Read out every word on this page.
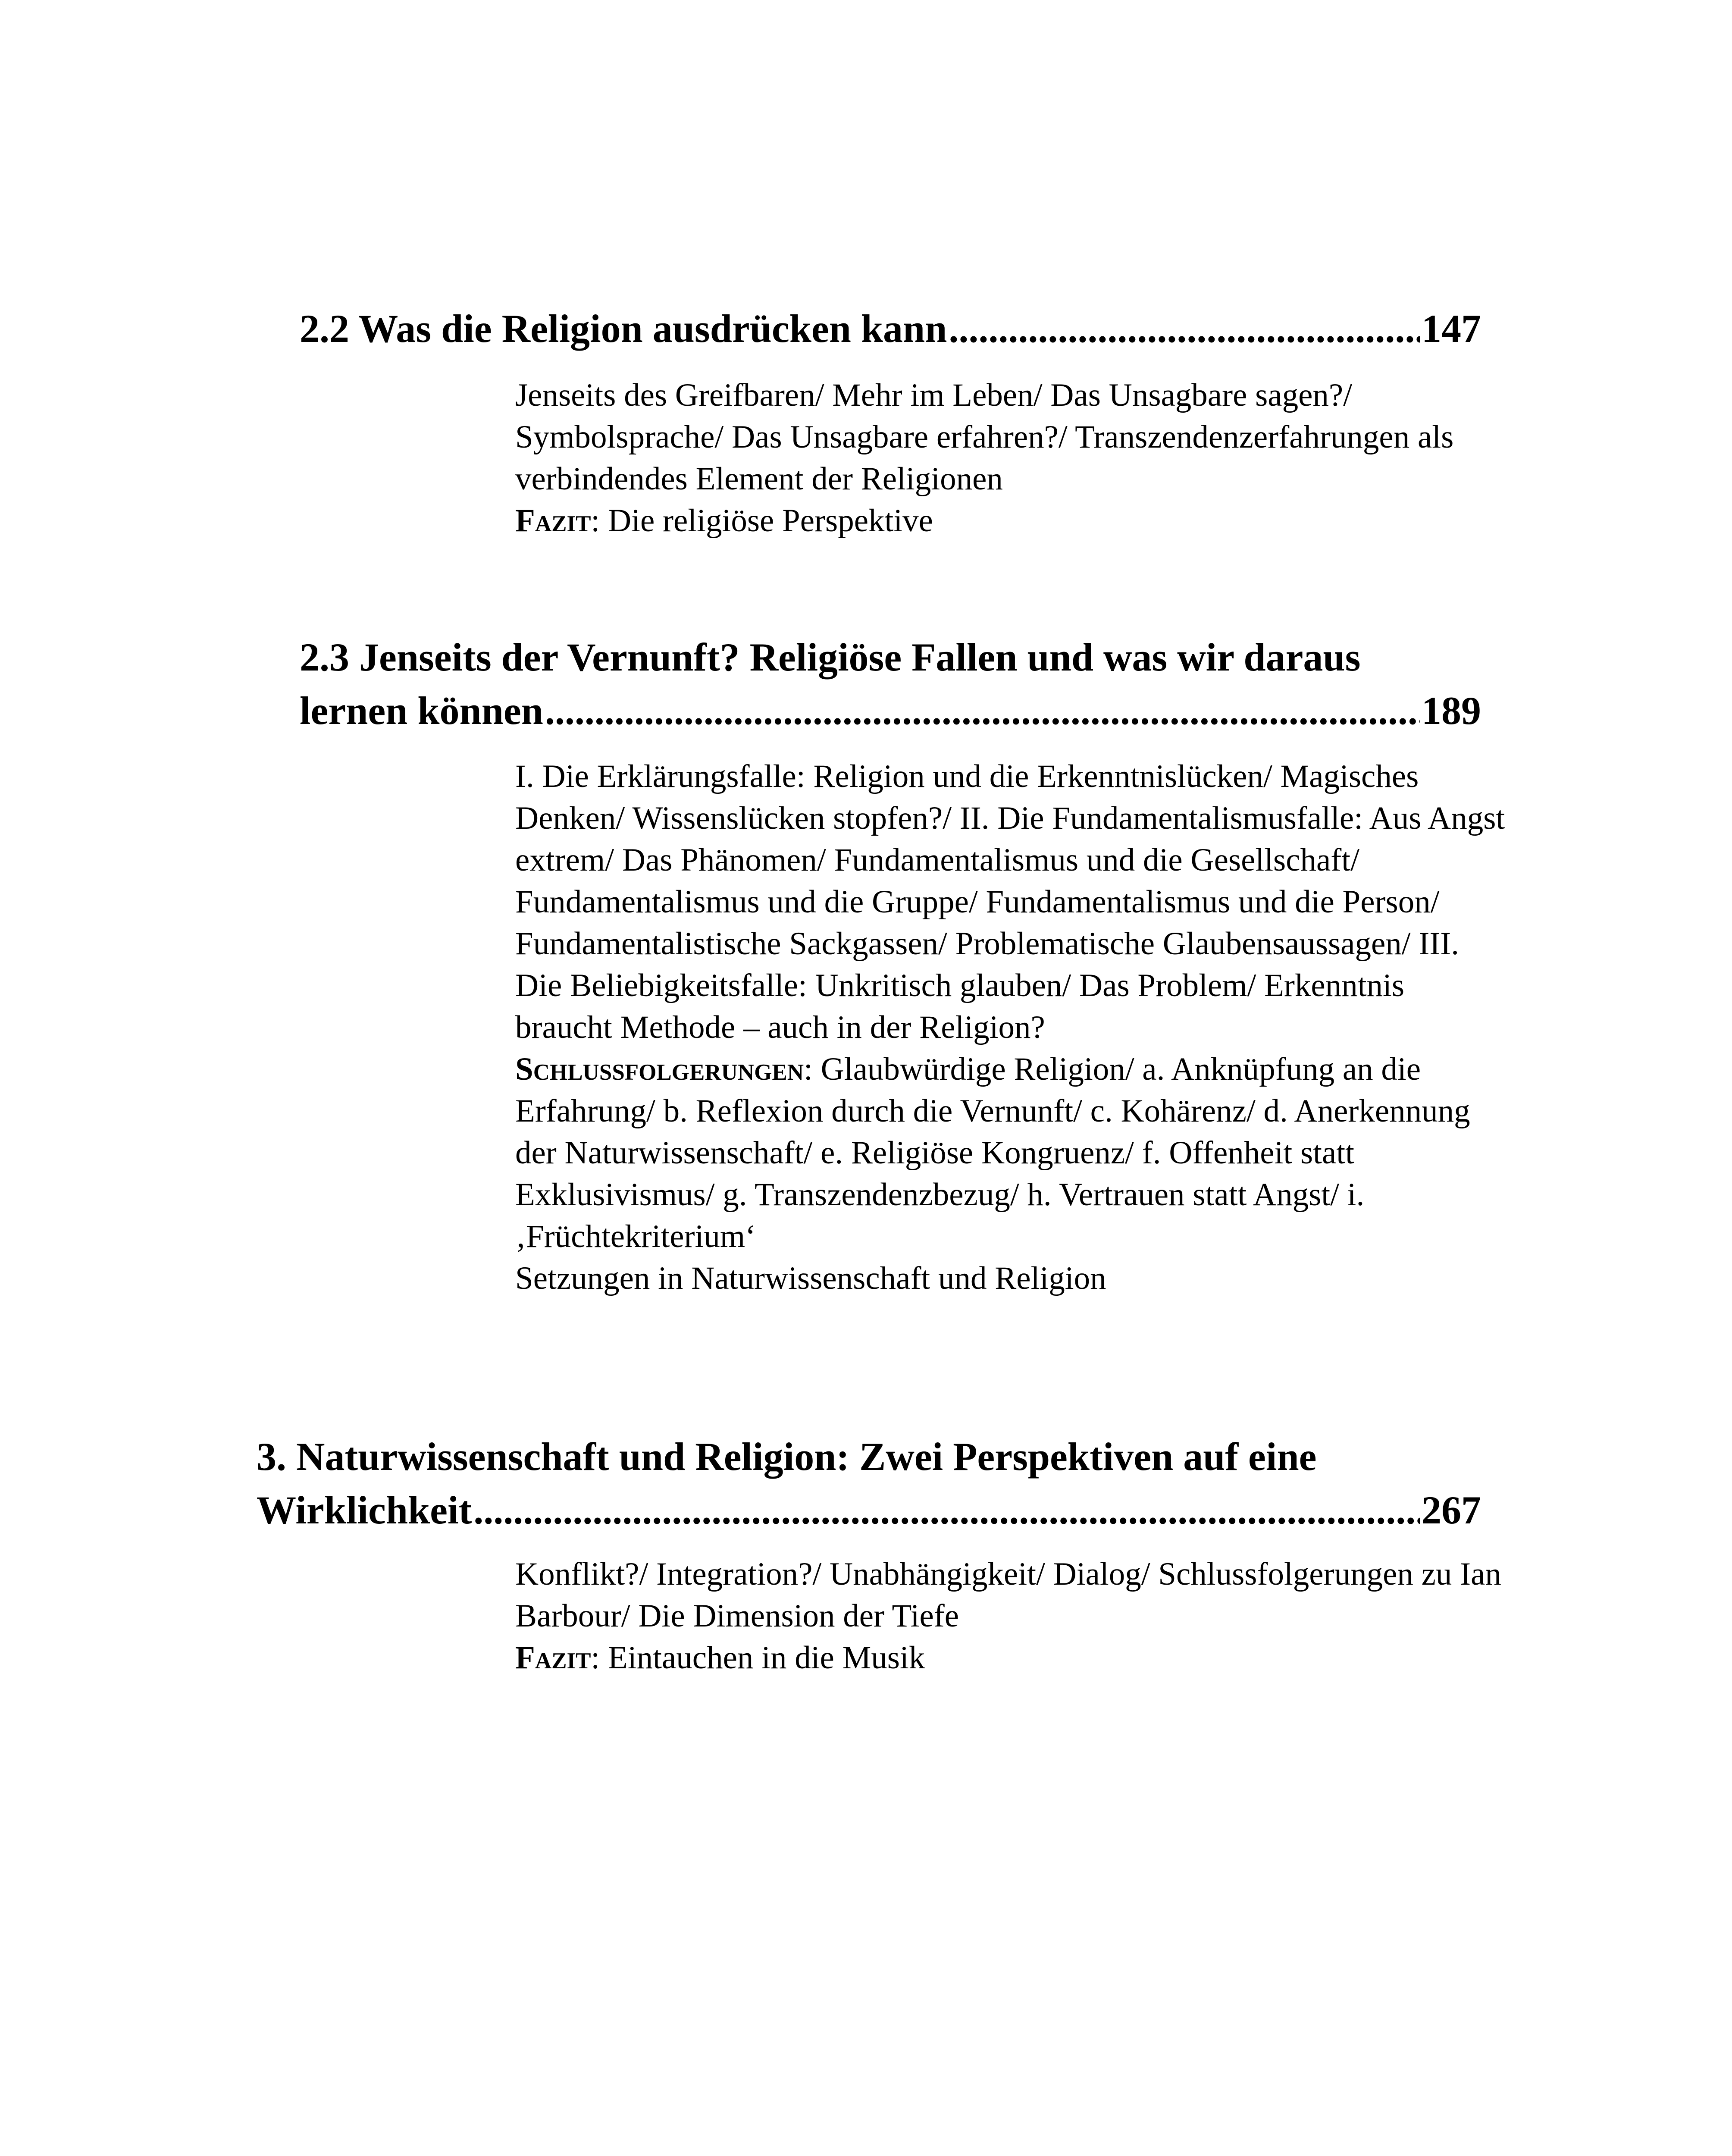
2.2 Was die Religion ausdrücken kann .....	147

Jenseits des Greifbaren/ Mehr im Leben/ Das Unsagbare sagen?/ Symbolsprache/ Das Unsagbare erfahren?/ Transzendenzerfahrungen als verbindendes Element der Religionen

Fazit: Die religiöse Perspektive

2.3 Jenseits der Vernunft? Religiöse Fallen und was wir daraus
lernen können .....	189

I. Die Erklärungsfalle: Religion und die Erkenntnislücken/ Magisches Denken/ Wissenslücken stopfen?/ II. Die Fundamentalismusfalle: Aus Angst extrem/ Das Phänomen/ Fundamentalismus und die Gesellschaft/ Fundamentalismus und die Gruppe/ Fundamentalismus und die Person/ Fundamentalistische Sackgassen/ Problematische Glaubensaussagen/ III. Die Beliebigkeitsfalle: Unkritisch glauben/ Das Problem/ Erkenntnis braucht Methode – auch in der Religion?

Schlussfolgerungen: Glaubwürdige Religion/ a. Anknüpfung an die Erfahrung/ b. Reflexion durch die Vernunft/ c. Kohärenz/ d. Anerkennung der Naturwissenschaft/ e. Religiöse Kongruenz/ f. Offenheit statt Exklusivismus/ g. Transzendenzbezug/ h. Vertrauen statt Angst/ i. ‚Früchtekriterium‘

Setzungen in Naturwissenschaft und Religion

3. Naturwissenschaft und Religion: Zwei Perspektiven auf eine
Wirklichkeit .....	267

Konflikt?/ Integration?/ Unabhängigkeit/ Dialog/ Schlussfolgerungen zu Ian Barbour/ Die Dimension der Tiefe

Fazit: Eintauchen in die Musik
